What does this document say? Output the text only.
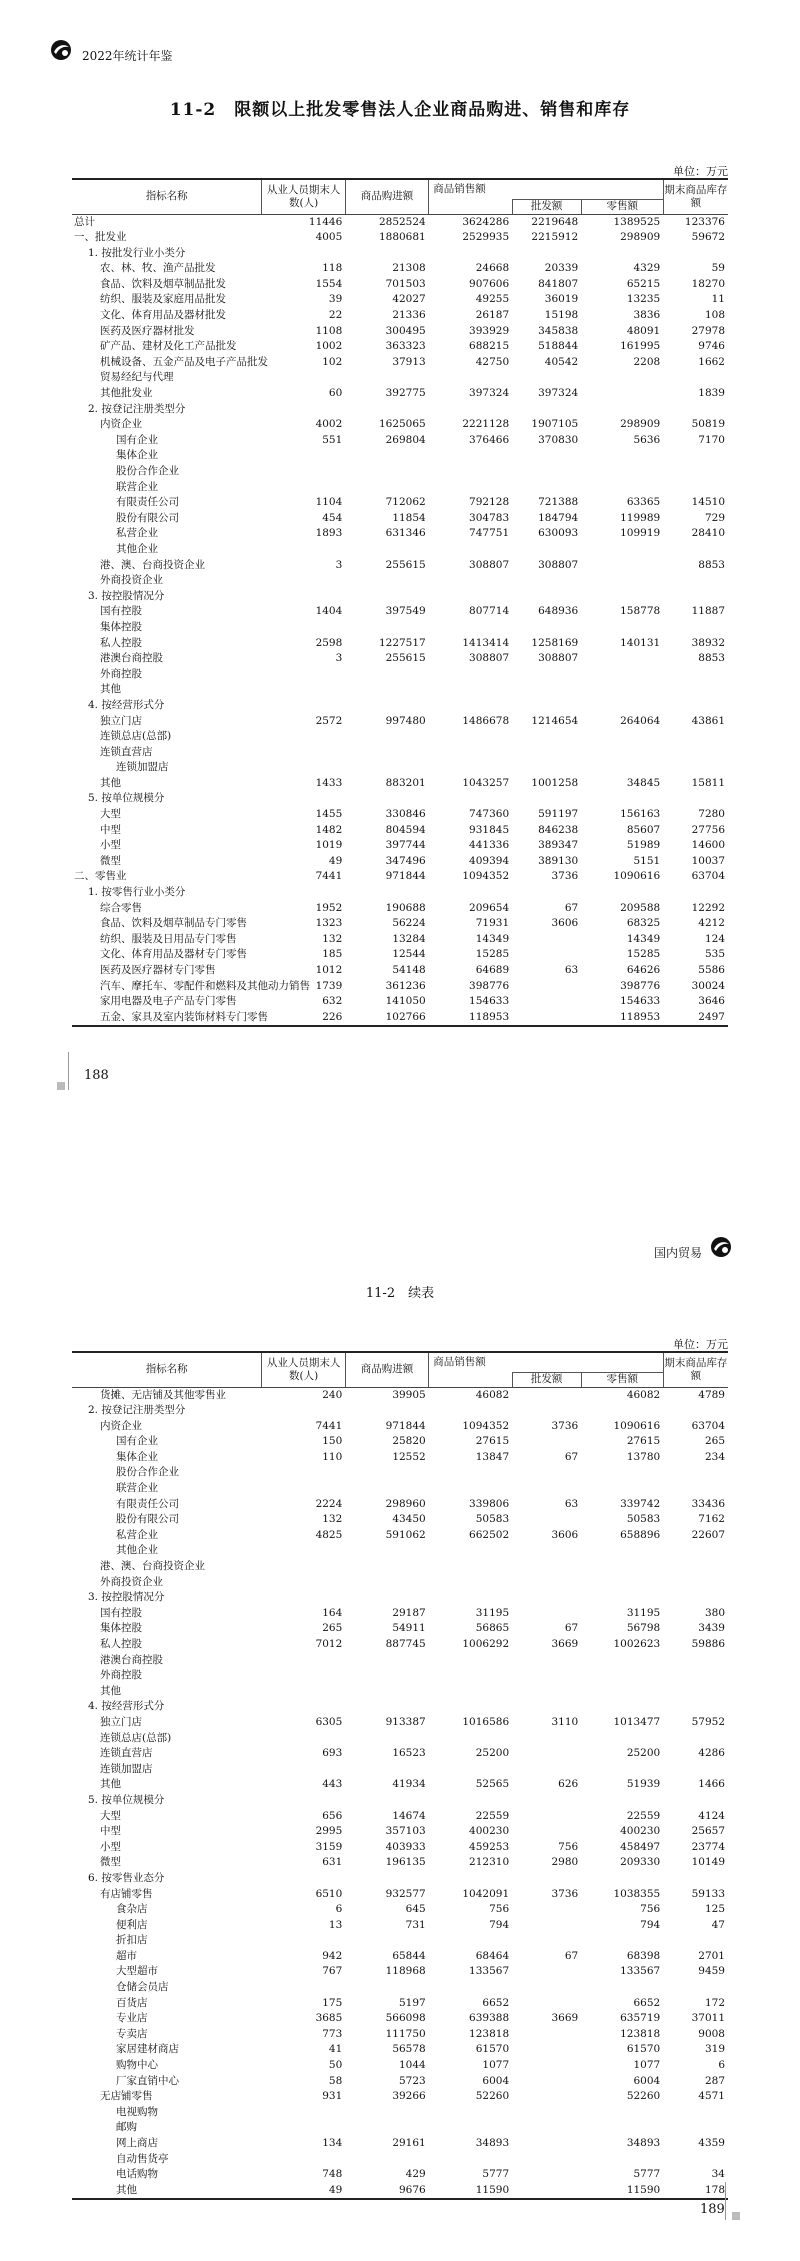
2022年统计年鉴
11-2　限额以上批发零售法人企业商品购进、销售和库存
单位：万元
指标名称	从业人员期末人数(人)	商品购进额	商品销售额			期末商品库存额
				批发额	零售额	
总计	11446	2852524	3624286	2219648	1389525	123376
一、批发业	4005	1880681	2529935	2215912	298909	59672
1. 按批发行业小类分						
农、林、牧、渔产品批发	118	21308	24668	20339	4329	59
食品、饮料及烟草制品批发	1554	701503	907606	841807	65215	18270
纺织、服装及家庭用品批发	39	42027	49255	36019	13235	11
文化、体育用品及器材批发	22	21336	26187	15198	3836	108
医药及医疗器材批发	1108	300495	393929	345838	48091	27978
矿产品、建材及化工产品批发	1002	363323	688215	518844	161995	9746
机械设备、五金产品及电子产品批发	102	37913	42750	40542	2208	1662
贸易经纪与代理						
其他批发业	60	392775	397324	397324		1839
2. 按登记注册类型分						
内资企业	4002	1625065	2221128	1907105	298909	50819
国有企业	551	269804	376466	370830	5636	7170
集体企业						
股份合作企业						
联营企业						
有限责任公司	1104	712062	792128	721388	63365	14510
股份有限公司	454	11854	304783	184794	119989	729
私营企业	1893	631346	747751	630093	109919	28410
其他企业						
港、澳、台商投资企业	3	255615	308807	308807		8853
外商投资企业						
3. 按控股情况分						
国有控股	1404	397549	807714	648936	158778	11887
集体控股						
私人控股	2598	1227517	1413414	1258169	140131	38932
港澳台商控股	3	255615	308807	308807		8853
外商控股						
其他						
4. 按经营形式分						
独立门店	2572	997480	1486678	1214654	264064	43861
连锁总店(总部)						
连锁直营店						
连锁加盟店						
其他	1433	883201	1043257	1001258	34845	15811
5. 按单位规模分						
大型	1455	330846	747360	591197	156163	7280
中型	1482	804594	931845	846238	85607	27756
小型	1019	397744	441336	389347	51989	14600
微型	49	347496	409394	389130	5151	10037
二、零售业	7441	971844	1094352	3736	1090616	63704
1. 按零售行业小类分						
综合零售	1952	190688	209654	67	209588	12292
食品、饮料及烟草制品专门零售	1323	56224	71931	3606	68325	4212
纺织、服装及日用品专门零售	132	13284	14349		14349	124
文化、体育用品及器材专门零售	185	12544	15285		15285	535
医药及医疗器材专门零售	1012	54148	64689	63	64626	5586
汽车、摩托车、零配件和燃料及其他动力销售	1739	361236	398776		398776	30024
家用电器及电子产品专门零售	632	141050	154633		154633	3646
五金、家具及室内装饰材料专门零售	226	102766	118953		118953	2497
188
国内贸易
11-2　续表
单位：万元
指标名称	从业人员期末人数(人)	商品购进额	商品销售额			期末商品库存额
				批发额	零售额	
货摊、无店铺及其他零售业	240	39905	46082		46082	4789
2. 按登记注册类型分						
内资企业	7441	971844	1094352	3736	1090616	63704
国有企业	150	25820	27615		27615	265
集体企业	110	12552	13847	67	13780	234
股份合作企业						
联营企业						
有限责任公司	2224	298960	339806	63	339742	33436
股份有限公司	132	43450	50583		50583	7162
私营企业	4825	591062	662502	3606	658896	22607
其他企业						
港、澳、台商投资企业						
外商投资企业						
3. 按控股情况分						
国有控股	164	29187	31195		31195	380
集体控股	265	54911	56865	67	56798	3439
私人控股	7012	887745	1006292	3669	1002623	59886
港澳台商控股						
外商控股						
其他						
4. 按经营形式分						
独立门店	6305	913387	1016586	3110	1013477	57952
连锁总店(总部)						
连锁直营店	693	16523	25200		25200	4286
连锁加盟店						
其他	443	41934	52565	626	51939	1466
5. 按单位规模分						
大型	656	14674	22559		22559	4124
中型	2995	357103	400230		400230	25657
小型	3159	403933	459253	756	458497	23774
微型	631	196135	212310	2980	209330	10149
6. 按零售业态分						
有店铺零售	6510	932577	1042091	3736	1038355	59133
食杂店	6	645	756		756	125
便利店	13	731	794		794	47
折扣店						
超市	942	65844	68464	67	68398	2701
大型超市	767	118968	133567		133567	9459
仓储会员店						
百货店	175	5197	6652		6652	172
专业店	3685	566098	639388	3669	635719	37011
专卖店	773	111750	123818		123818	9008
家居建材商店	41	56578	61570		61570	319
购物中心	50	1044	1077		1077	6
厂家直销中心	58	5723	6004		6004	287
无店铺零售	931	39266	52260		52260	4571
电视购物						
邮购						
网上商店	134	29161	34893		34893	4359
自动售货亭						
电话购物	748	429	5777		5777	34
其他	49	9676	11590		11590	178
189
